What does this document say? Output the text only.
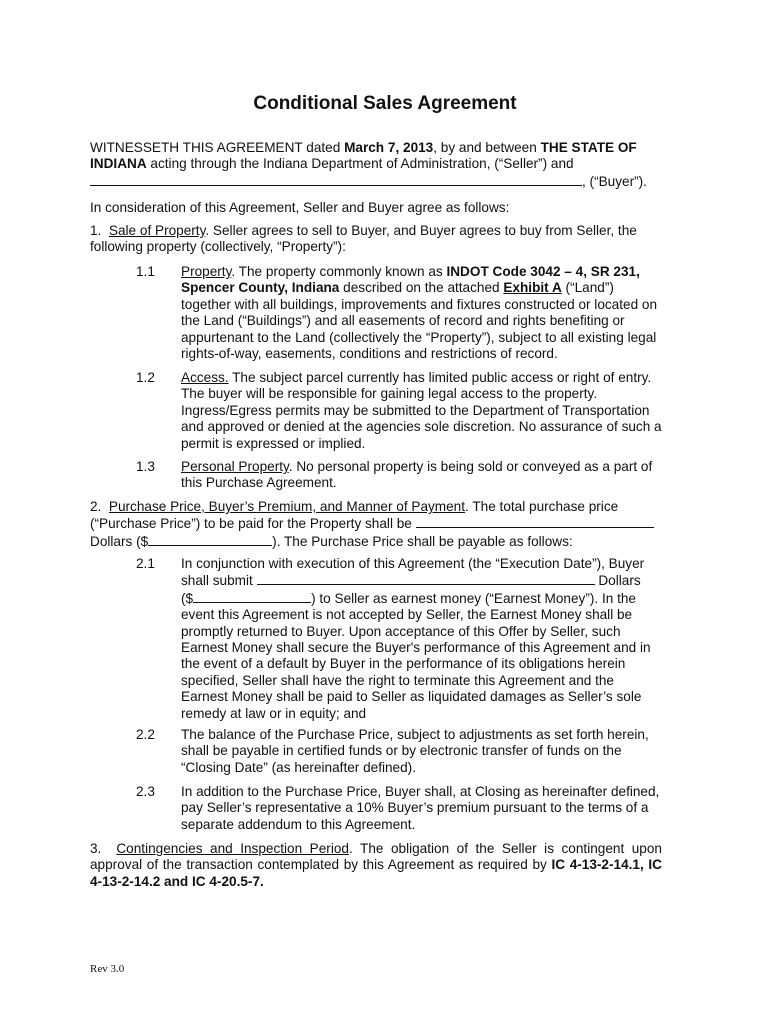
Conditional Sales Agreement

WITNESSETH THIS AGREEMENT dated March 7, 2013, by and between THE STATE OF INDIANA acting through the Indiana Department of Administration, (“Seller”) and

, (“Buyer”).

In consideration of this Agreement, Seller and Buyer agree as follows:

1. Sale of Property. Seller agrees to sell to Buyer, and Buyer agrees to buy from Seller, the following property (collectively, “Property”):

1.1	Property. The property commonly known as INDOT Code 3042 – 4, SR 231, Spencer County, Indiana described on the attached Exhibit A (“Land”) together with all buildings, improvements and fixtures constructed or located on the Land (“Buildings”) and all easements of record and rights benefiting or appurtenant to the Land (collectively the “Property”), subject to all existing legal rights-of-way, easements, conditions and restrictions of record.
1.2	Access. The subject parcel currently has limited public access or right of entry. The buyer will be responsible for gaining legal access to the property. Ingress/Egress permits may be submitted to the Department of Transportation and approved or denied at the agencies sole discretion. No assurance of such a permit is expressed or implied.
1.3	Personal Property. No personal property is being sold or conveyed as a part of this Purchase Agreement.

2. Purchase Price, Buyer’s Premium, and Manner of Payment. The total purchase price (“Purchase Price”) to be paid for the Property shall be
Dollars ($	). The Purchase Price shall be payable as follows:

2.1	In conjunction with execution of this Agreement (the “Execution Date”), Buyer shall submit	Dollars
($	) to Seller as earnest money (“Earnest Money”). In the event this Agreement is not accepted by Seller, the Earnest Money shall be promptly returned to Buyer. Upon acceptance of this Offer by Seller, such Earnest Money shall secure the Buyer's performance of this Agreement and in the event of a default by Buyer in the performance of its obligations herein specified, Seller shall have the right to terminate this Agreement and the Earnest Money shall be paid to Seller as liquidated damages as Seller’s sole remedy at law or in equity; and
2.2	The balance of the Purchase Price, subject to adjustments as set forth herein, shall be payable in certified funds or by electronic transfer of funds on the “Closing Date” (as hereinafter defined).
2.3	In addition to the Purchase Price, Buyer shall, at Closing as hereinafter defined, pay Seller’s representative a 10% Buyer’s premium pursuant to the terms of a separate addendum to this Agreement.

3. Contingencies and Inspection Period. The obligation of the Seller is contingent upon approval of the transaction contemplated by this Agreement as required by IC 4-13-2-14.1, IC 4-13-2-14.2 and IC 4-20.5-7.

Rev 3.0
